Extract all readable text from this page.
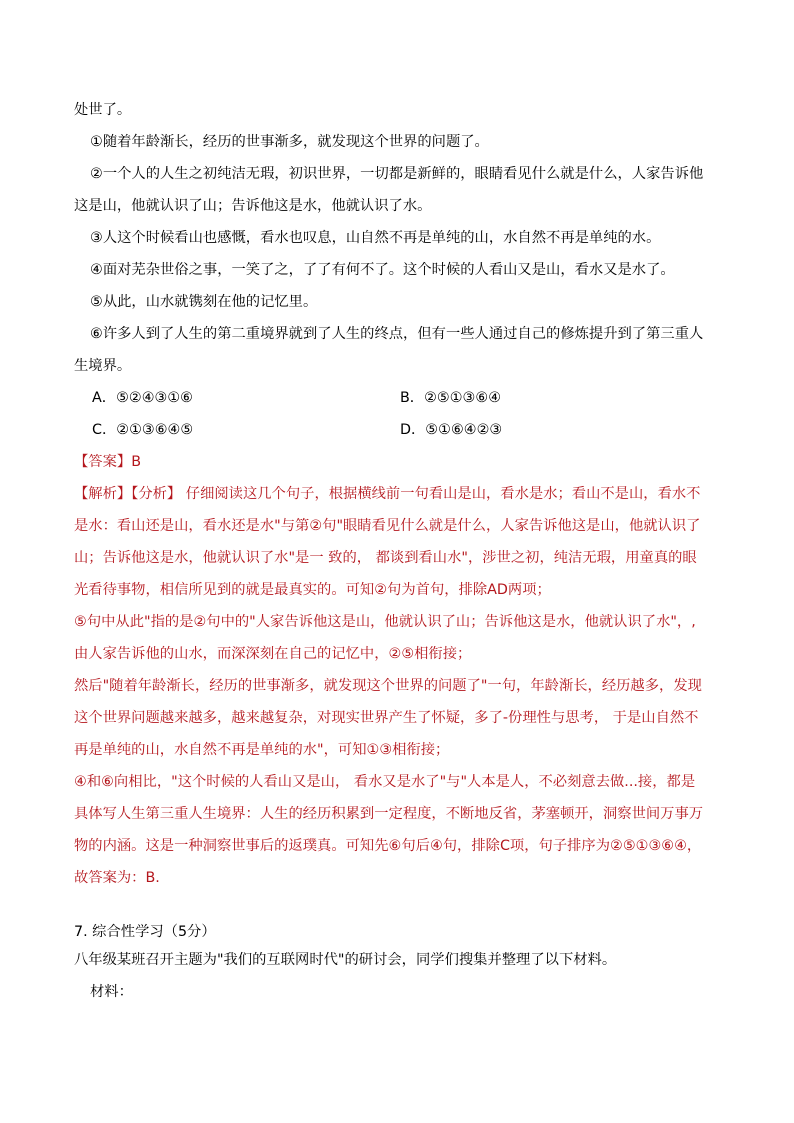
处世了。
①随着年龄渐长，经历的世事渐多，就发现这个世界的问题了。
②一个人的人生之初纯洁无瑕，初识世界，一切都是新鲜的，眼睛看见什么就是什么，人家告诉他
这是山，他就认识了山；告诉他这是水，他就认识了水。
③人这个时候看山也感慨，看水也叹息，山自然不再是单纯的山，水自然不再是单纯的水。
④面对芜杂世俗之事，一笑了之，了了有何不了。这个时候的人看山又是山，看水又是水了。
⑤从此，山水就镌刻在他的记忆里。
⑥许多人到了人生的第二重境界就到了人生的终点，但有一些人通过自己的修炼提升到了第三重人
生境界。
A．⑤②④③①⑥	B．②⑤①③⑥④
C．②①③⑥④⑤	D．⑤①⑥④②③
【答案】B
【解析】【分析】 仔细阅读这几个句子，根据横线前一句看山是山，看水是水；看山不是山，看水不
是水：看山还是山，看水还是水"与第②句"眼睛看见什么就是什么，人家告诉他这是山，他就认识了
山；告诉他这是水，他就认识了水"是一 致的， 都谈到看山水"，涉世之初，纯洁无瑕，用童真的眼
光看待事物，相信所见到的就是最真实的。可知②句为首句，排除AD两项；
⑤句中从此"指的是②句中的"人家告诉他这是山，他就认识了山；告诉他这是水，他就认识了水"，,
由人家告诉他的山水，而深深刻在自己的记忆中，②⑤相衔接；
然后"随着年龄渐长，经历的世事渐多，就发现这个世界的问题了"一句，年龄渐长，经历越多，发现
这个世界问题越来越多，越来越复杂，对现实世界产生了怀疑，多了-份理性与思考， 于是山自然不
再是单纯的山，水自然不再是单纯的水"，可知①③相衔接；
④和⑥向相比，"这个时候的人看山又是山， 看水又是水了"与"人本是人，不必刻意去做...接，都是
具体写人生第三重人生境界：人生的经历积累到一定程度，不断地反省，茅塞顿开，洞察世间万事万
物的内涵。这是一种洞察世事后的返璞真。可知先⑥句后④句，排除C项，句子排序为②⑤①③⑥④，
故答案为：B.
7. 综合性学习（5分）
八年级某班召开主题为"我们的互联网时代"的研讨会，同学们搜集并整理了以下材料。
材料：
